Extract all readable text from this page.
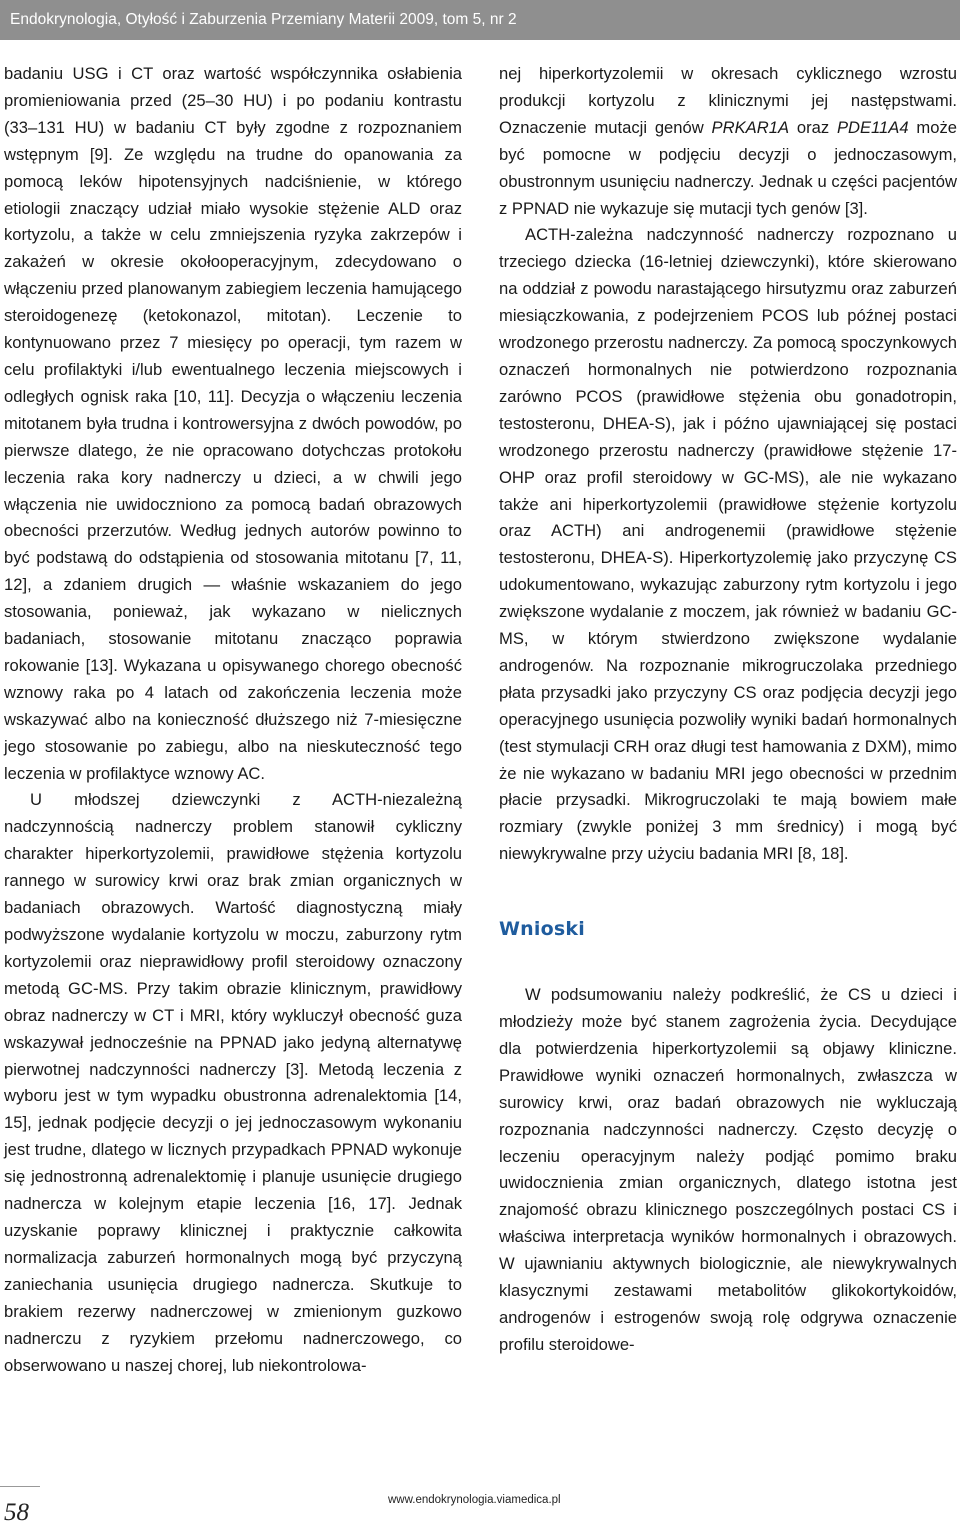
Endokrynologia, Otyłość i Zaburzenia Przemiany Materii 2009, tom 5, nr 2

badaniu USG i CT oraz wartość współczynnika osłabienia promieniowania przed (25–30 HU) i po podaniu kontrastu (33–131 HU) w badaniu CT były zgodne z rozpoznaniem wstępnym [9]. Ze względu na trudne do opanowania za pomocą leków hipotensyjnych nadciśnienie, w którego etiologii znaczący udział miało wysokie stężenie ALD oraz kortyzolu, a także w celu zmniejszenia ryzyka zakrzepów i zakażeń w okresie okołooperacyjnym, zdecydowano o włączeniu przed planowanym zabiegiem leczenia hamującego steroidogenezę (ketokonazol, mitotan). Leczenie to kontynuowano przez 7 miesięcy po operacji, tym razem w celu profilaktyki i/lub ewentualnego leczenia miejscowych i odległych ognisk raka [10, 11]. Decyzja o włączeniu leczenia mitotanem była trudna i kontrowersyjna z dwóch powodów, po pierwsze dlatego, że nie opracowano dotychczas protokołu leczenia raka kory nadnerczy u dzieci, a w chwili jego włączenia nie uwidoczniono za pomocą badań obrazowych obecności przerzutów. Według jednych autorów powinno to być podstawą do odstąpienia od stosowania mitotanu [7, 11, 12], a zdaniem drugich — właśnie wskazaniem do jego stosowania, ponieważ, jak wykazano w nielicznych badaniach, stosowanie mitotanu znacząco poprawia rokowanie [13]. Wykazana u opisywanego chorego obecność wznowy raka po 4 latach od zakończenia leczenia może wskazywać albo na konieczność dłuższego niż 7-miesięczne jego stosowanie po zabiegu, albo na nieskuteczność tego leczenia w profilaktyce wznowy AC.

U młodszej dziewczynki z ACTH-niezależną nadczynnością nadnerczy problem stanowił cykliczny charakter hiperkortyzolemii, prawidłowe stężenia kortyzolu rannego w surowicy krwi oraz brak zmian organicznych w badaniach obrazowych. Wartość diagnostyczną miały podwyższone wydalanie kortyzolu w moczu, zaburzony rytm kortyzolemii oraz nieprawidłowy profil steroidowy oznaczony metodą GC-MS. Przy takim obrazie klinicznym, prawidłowy obraz nadnerczy w CT i MRI, który wykluczył obecność guza wskazywał jednocześnie na PPNAD jako jedyną alternatywę pierwotnej nadczynności nadnerczy [3]. Metodą leczenia z wyboru jest w tym wypadku obustronna adrenalektomia [14, 15], jednak podjęcie decyzji o jej jednoczasowym wykonaniu jest trudne, dlatego w licznych przypadkach PPNAD wykonuje się jednostronną adrenalektomię i planuje usunięcie drugiego nadnercza w kolejnym etapie leczenia [16, 17]. Jednak uzyskanie poprawy klinicznej i praktycznie całkowita normalizacja zaburzeń hormonalnych mogą być przyczyną zaniechania usunięcia drugiego nadnercza. Skutkuje to brakiem rezerwy nadnerczowej w zmienionym guzkowo nadnerczu z ryzykiem przełomu nadnerczowego, co obserwowano u naszej chorej, lub niekontrolowa-

nej hiperkortyzolemii w okresach cyklicznego wzrostu produkcji kortyzolu z klinicznymi jej następstwami. Oznaczenie mutacji genów PRKAR1A oraz PDE11A4 może być pomocne w podjęciu decyzji o jednoczasowym, obustronnym usunięciu nadnerczy. Jednak u części pacjentów z PPNAD nie wykazuje się mutacji tych genów [3].

ACTH-zależna nadczynność nadnerczy rozpoznano u trzeciego dziecka (16-letniej dziewczynki), które skierowano na oddział z powodu narastającego hirsutyzmu oraz zaburzeń miesiączkowania, z podejrzeniem PCOS lub późnej postaci wrodzonego przerostu nadnerczy. Za pomocą spoczynkowych oznaczeń hormonalnych nie potwierdzono rozpoznania zarówno PCOS (prawidłowe stężenia obu gonadotropin, testosteronu, DHEA-S), jak i późno ujawniającej się postaci wrodzonego przerostu nadnerczy (prawidłowe stężenie 17-OHP oraz profil steroidowy w GC-MS), ale nie wykazano także ani hiperkortyzolemii (prawidłowe stężenie kortyzolu oraz ACTH) ani androgenemii (prawidłowe stężenie testosteronu, DHEA-S). Hiperkortyzolemię jako przyczynę CS udokumentowano, wykazując zaburzony rytm kortyzolu i jego zwiększone wydalanie z moczem, jak również w badaniu GC-MS, w którym stwierdzono zwiększone wydalanie androgenów. Na rozpoznanie mikrogruczolaka przedniego płata przysadki jako przyczyny CS oraz podjęcia decyzji jego operacyjnego usunięcia pozwoliły wyniki badań hormonalnych (test stymulacji CRH oraz długi test hamowania z DXM), mimo że nie wykazano w badaniu MRI jego obecności w przednim płacie przysadki. Mikrogruczolaki te mają bowiem małe rozmiary (zwykle poniżej 3 mm średnicy) i mogą być niewykrywalne przy użyciu badania MRI [8, 18].

Wnioski

W podsumowaniu należy podkreślić, że CS u dzieci i młodzieży może być stanem zagrożenia życia. Decydujące dla potwierdzenia hiperkortyzolemii są objawy kliniczne. Prawidłowe wyniki oznaczeń hormonalnych, zwłaszcza w surowicy krwi, oraz badań obrazowych nie wykluczają rozpoznania nadczynności nadnerczy. Często decyzję o leczeniu operacyjnym należy podjąć pomimo braku uwidocznienia zmian organicznych, dlatego istotna jest znajomość obrazu klinicznego poszczególnych postaci CS i właściwa interpretacja wyników hormonalnych i obrazowych. W ujawnianiu aktywnych biologicznie, ale niewykrywalnych klasycznymi zestawami metabolitów glikokortykoidów, androgenów i estrogenów swoją rolę odgrywa oznaczenie profilu steroidowe-

58	www.endokrynologia.viamedica.pl
